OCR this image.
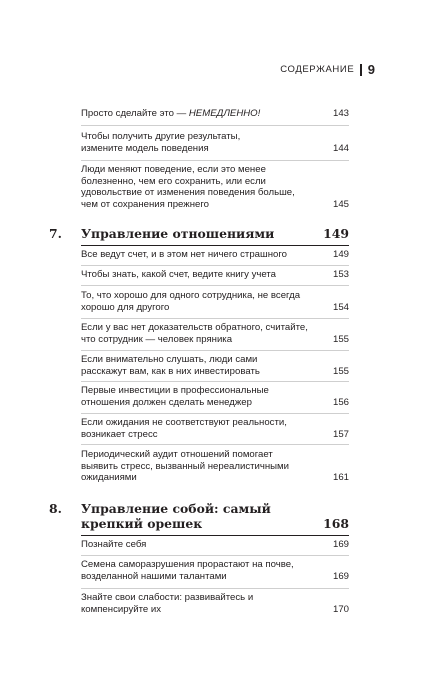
СОДЕРЖАНИЕ 9
Просто сделайте это — НЕМЕДЛЕННО!	143
Чтобы получить другие результаты, измените модель поведения	144
Люди меняют поведение, если это менее болезненно, чем его сохранить, или если удовольствие от изменения поведения больше, чем от сохранения прежнего	145
7. Управление отношениями	149
Все ведут счет, и в этом нет ничего страшного	149
Чтобы знать, какой счет, ведите книгу учета	153
То, что хорошо для одного сотрудника, не всегда хорошо для другого	154
Если у вас нет доказательств обратного, считайте, что сотрудник — человек пряника	155
Если внимательно слушать, люди сами расскажут вам, как в них инвестировать	155
Первые инвестиции в профессиональные отношения должен сделать менеджер	156
Если ожидания не соответствуют реальности, возникает стресс	157
Периодический аудит отношений помогает выявить стресс, вызванный нереалистичными ожиданиями	161
8. Управление собой: самый крепкий орешек	168
Познайте себя	169
Семена саморазрушения прорастают на почве, возделанной нашими талантами	169
Знайте свои слабости: развивайтесь и компенсируйте их	170
